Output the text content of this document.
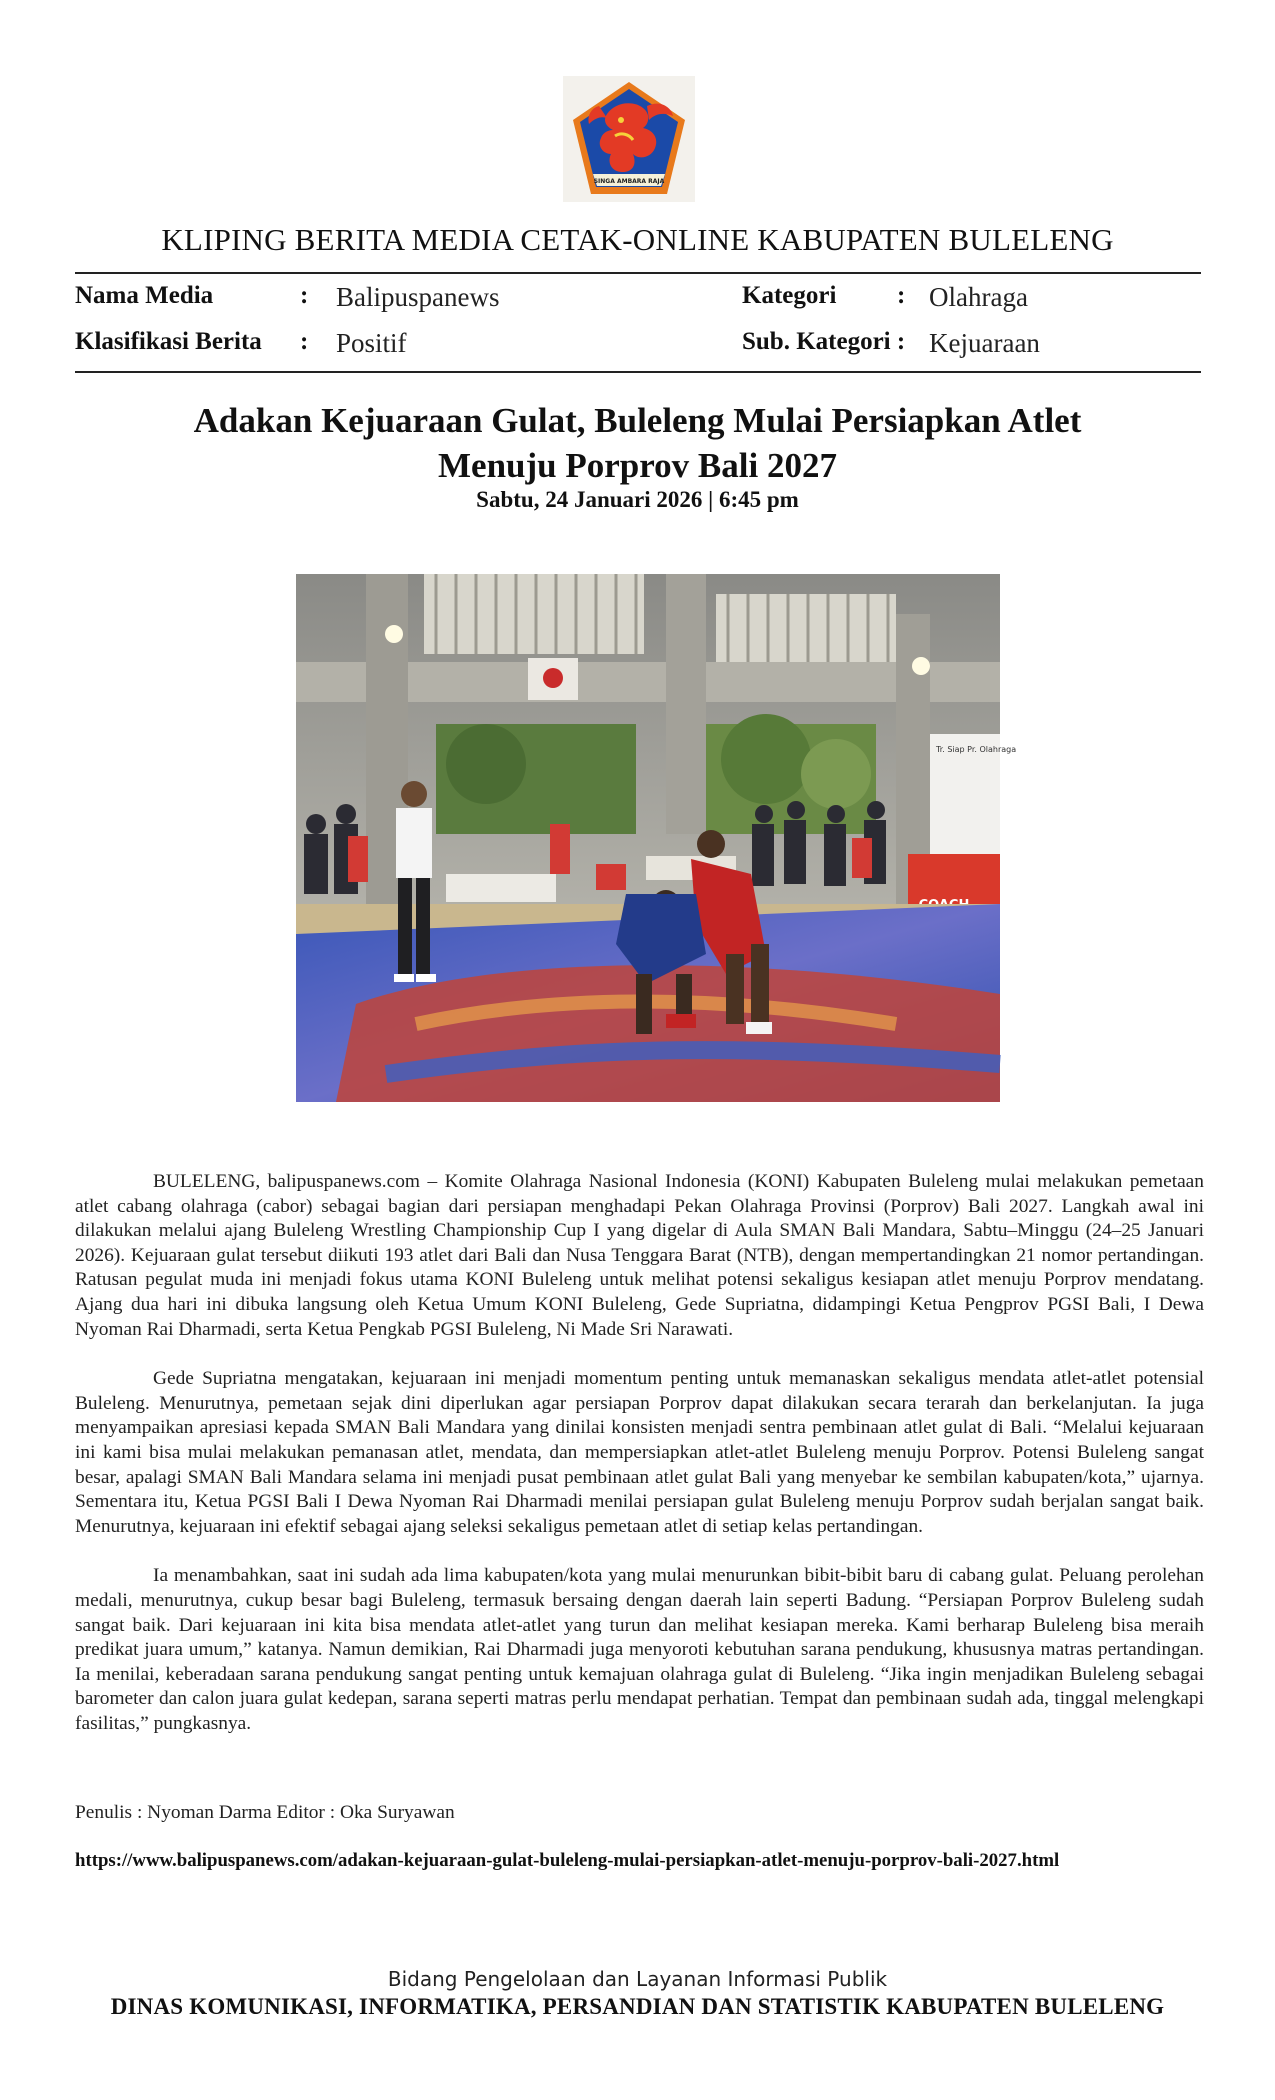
SINGA AMBARA RAJA
KLIPING BERITA MEDIA CETAK-ONLINE KABUPATEN BULELENG
Nama Media	: Balipuspanews	Kategori : Olahraga
Klasifikasi Berita : Positif	Sub. Kategori : Kejuaraan
Adakan Kejuaraan Gulat, Buleleng Mulai Persiapkan Atlet
Menuju Porprov Bali 2027
Sabtu, 24 Januari 2026 | 6:45 pm
Tr. Siap Pr. Olahraga

BULELENG, balipuspanews.com – Komite Olahraga Nasional Indonesia (KONI) Kabupaten Buleleng mulai melakukan pemetaan atlet cabang olahraga (cabor) sebagai bagian dari persiapan menghadapi Pekan Olahraga Provinsi (Porprov) Bali 2027. Langkah awal ini dilakukan melalui ajang Buleleng Wrestling Championship Cup I yang digelar di Aula SMAN Bali Mandara, Sabtu–Minggu (24–25 Januari 2026). Kejuaraan gulat tersebut diikuti 193 atlet dari Bali dan Nusa Tenggara Barat (NTB), dengan mempertandingkan 21 nomor pertandingan. Ratusan pegulat muda ini menjadi fokus utama KONI Buleleng untuk melihat potensi sekaligus kesiapan atlet menuju Porprov mendatang. Ajang dua hari ini dibuka langsung oleh Ketua Umum KONI Buleleng, Gede Supriatna, didampingi Ketua Pengprov PGSI Bali, I Dewa Nyoman Rai Dharmadi, serta Ketua Pengkab PGSI Buleleng, Ni Made Sri Narawati.

Gede Supriatna mengatakan, kejuaraan ini menjadi momentum penting untuk memanaskan sekaligus mendata atlet-atlet potensial Buleleng. Menurutnya, pemetaan sejak dini diperlukan agar persiapan Porprov dapat dilakukan secara terarah dan berkelanjutan. Ia juga menyampaikan apresiasi kepada SMAN Bali Mandara yang dinilai konsisten menjadi sentra pembinaan atlet gulat di Bali. “Melalui kejuaraan ini kami bisa mulai melakukan pemanasan atlet, mendata, dan mempersiapkan atlet-atlet Buleleng menuju Porprov. Potensi Buleleng sangat besar, apalagi SMAN Bali Mandara selama ini menjadi pusat pembinaan atlet gulat Bali yang menyebar ke sembilan kabupaten/kota,” ujarnya. Sementara itu, Ketua PGSI Bali I Dewa Nyoman Rai Dharmadi menilai persiapan gulat Buleleng menuju Porprov sudah berjalan sangat baik. Menurutnya, kejuaraan ini efektif sebagai ajang seleksi sekaligus pemetaan atlet di setiap kelas pertandingan.

Ia menambahkan, saat ini sudah ada lima kabupaten/kota yang mulai menurunkan bibit-bibit baru di cabang gulat. Peluang perolehan medali, menurutnya, cukup besar bagi Buleleng, termasuk bersaing dengan daerah lain seperti Badung. “Persiapan Porprov Buleleng sudah sangat baik. Dari kejuaraan ini kita bisa mendata atlet-atlet yang turun dan melihat kesiapan mereka. Kami berharap Buleleng bisa meraih predikat juara umum,” katanya. Namun demikian, Rai Dharmadi juga menyoroti kebutuhan sarana pendukung, khususnya matras pertandingan. Ia menilai, keberadaan sarana pendukung sangat penting untuk kemajuan olahraga gulat di Buleleng. “Jika ingin menjadikan Buleleng sebagai barometer dan calon juara gulat kedepan, sarana seperti matras perlu mendapat perhatian. Tempat dan pembinaan sudah ada, tinggal melengkapi fasilitas,” pungkasnya.

Penulis : Nyoman Darma Editor : Oka Suryawan
https://www.balipuspanews.com/adakan-kejuaraan-gulat-buleleng-mulai-persiapkan-atlet-menuju-porprov-bali-2027.html
Bidang Pengelolaan dan Layanan Informasi Publik
DINAS KOMUNIKASI, INFORMATIKA, PERSANDIAN DAN STATISTIK KABUPATEN BULELENG
